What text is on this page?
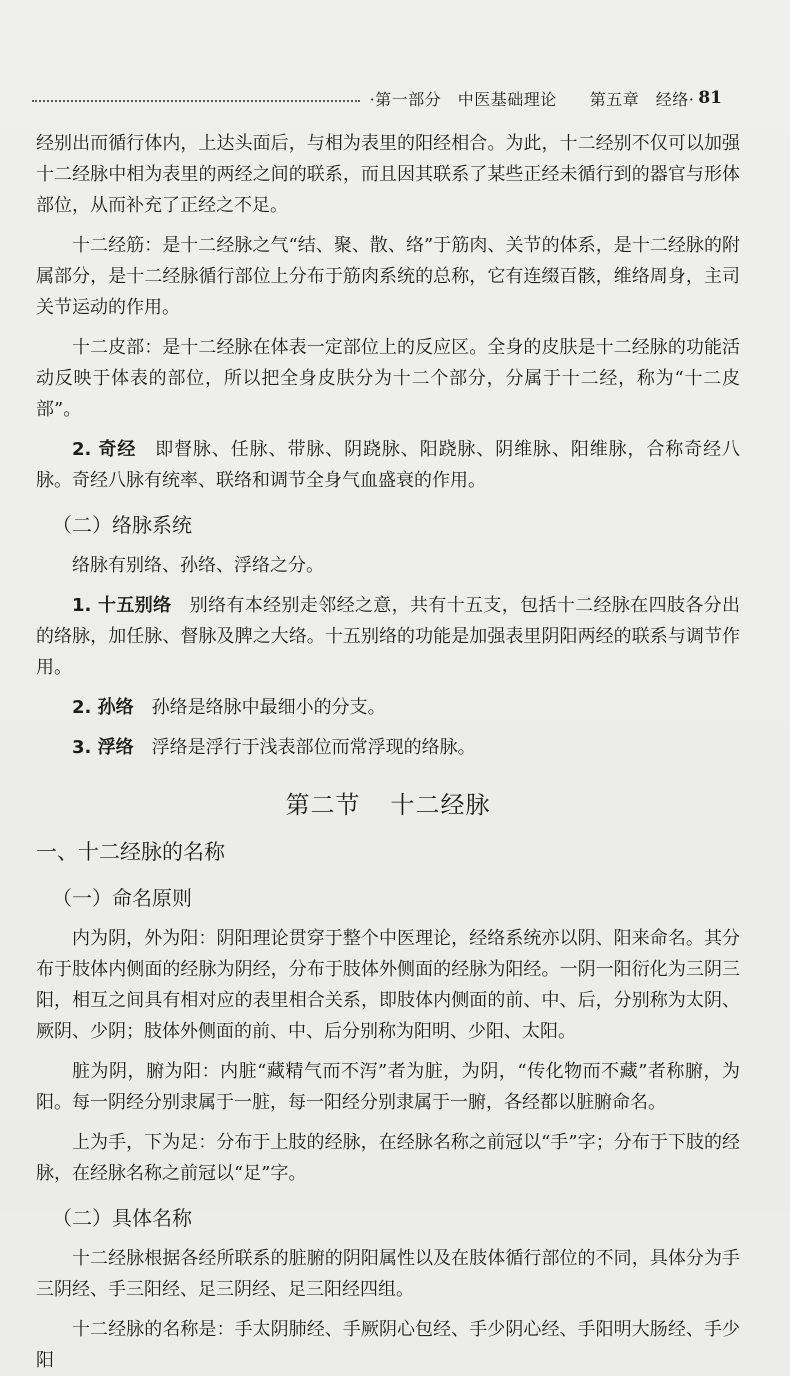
·第一部分　中医基础理论　　第五章　经络· 81

经别出而循行体内，上达头面后，与相为表里的阳经相合。为此，十二经别不仅可以加强十二经脉中相为表里的两经之间的联系，而且因其联系了某些正经未循行到的器官与形体部位，从而补充了正经之不足。

十二经筋：是十二经脉之气“结、聚、散、络”于筋肉、关节的体系，是十二经脉的附属部分，是十二经脉循行部位上分布于筋肉系统的总称，它有连缀百骸，维络周身，主司关节运动的作用。

十二皮部：是十二经脉在体表一定部位上的反应区。全身的皮肤是十二经脉的功能活动反映于体表的部位，所以把全身皮肤分为十二个部分，分属于十二经，称为“十二皮部”。

2. 奇经　即督脉、任脉、带脉、阴跷脉、阳跷脉、阴维脉、阳维脉，合称奇经八脉。奇经八脉有统率、联络和调节全身气血盛衰的作用。

（二）络脉系统

络脉有别络、孙络、浮络之分。

1. 十五别络　别络有本经别走邻经之意，共有十五支，包括十二经脉在四肢各分出的络脉，加任脉、督脉及脾之大络。十五别络的功能是加强表里阴阳两经的联系与调节作用。

2. 孙络　孙络是络脉中最细小的分支。

3. 浮络　浮络是浮行于浅表部位而常浮现的络脉。

第二节 十二经脉
一、十二经脉的名称
（一）命名原则

内为阴，外为阳：阴阳理论贯穿于整个中医理论，经络系统亦以阴、阳来命名。其分布于肢体内侧面的经脉为阴经，分布于肢体外侧面的经脉为阳经。一阴一阳衍化为三阴三阳，相互之间具有相对应的表里相合关系，即肢体内侧面的前、中、后，分别称为太阴、厥阴、少阴；肢体外侧面的前、中、后分别称为阳明、少阳、太阳。

脏为阴，腑为阳：内脏“藏精气而不泻”者为脏，为阴，“传化物而不藏”者称腑，为阳。每一阴经分别隶属于一脏，每一阳经分别隶属于一腑，各经都以脏腑命名。

上为手，下为足：分布于上肢的经脉，在经脉名称之前冠以“手”字；分布于下肢的经脉，在经脉名称之前冠以“足”字。

（二）具体名称

十二经脉根据各经所联系的脏腑的阴阳属性以及在肢体循行部位的不同，具体分为手三阴经、手三阳经、足三阴经、足三阳经四组。

十二经脉的名称是：手太阴肺经、手厥阴心包经、手少阴心经、手阳明大肠经、手少阳
